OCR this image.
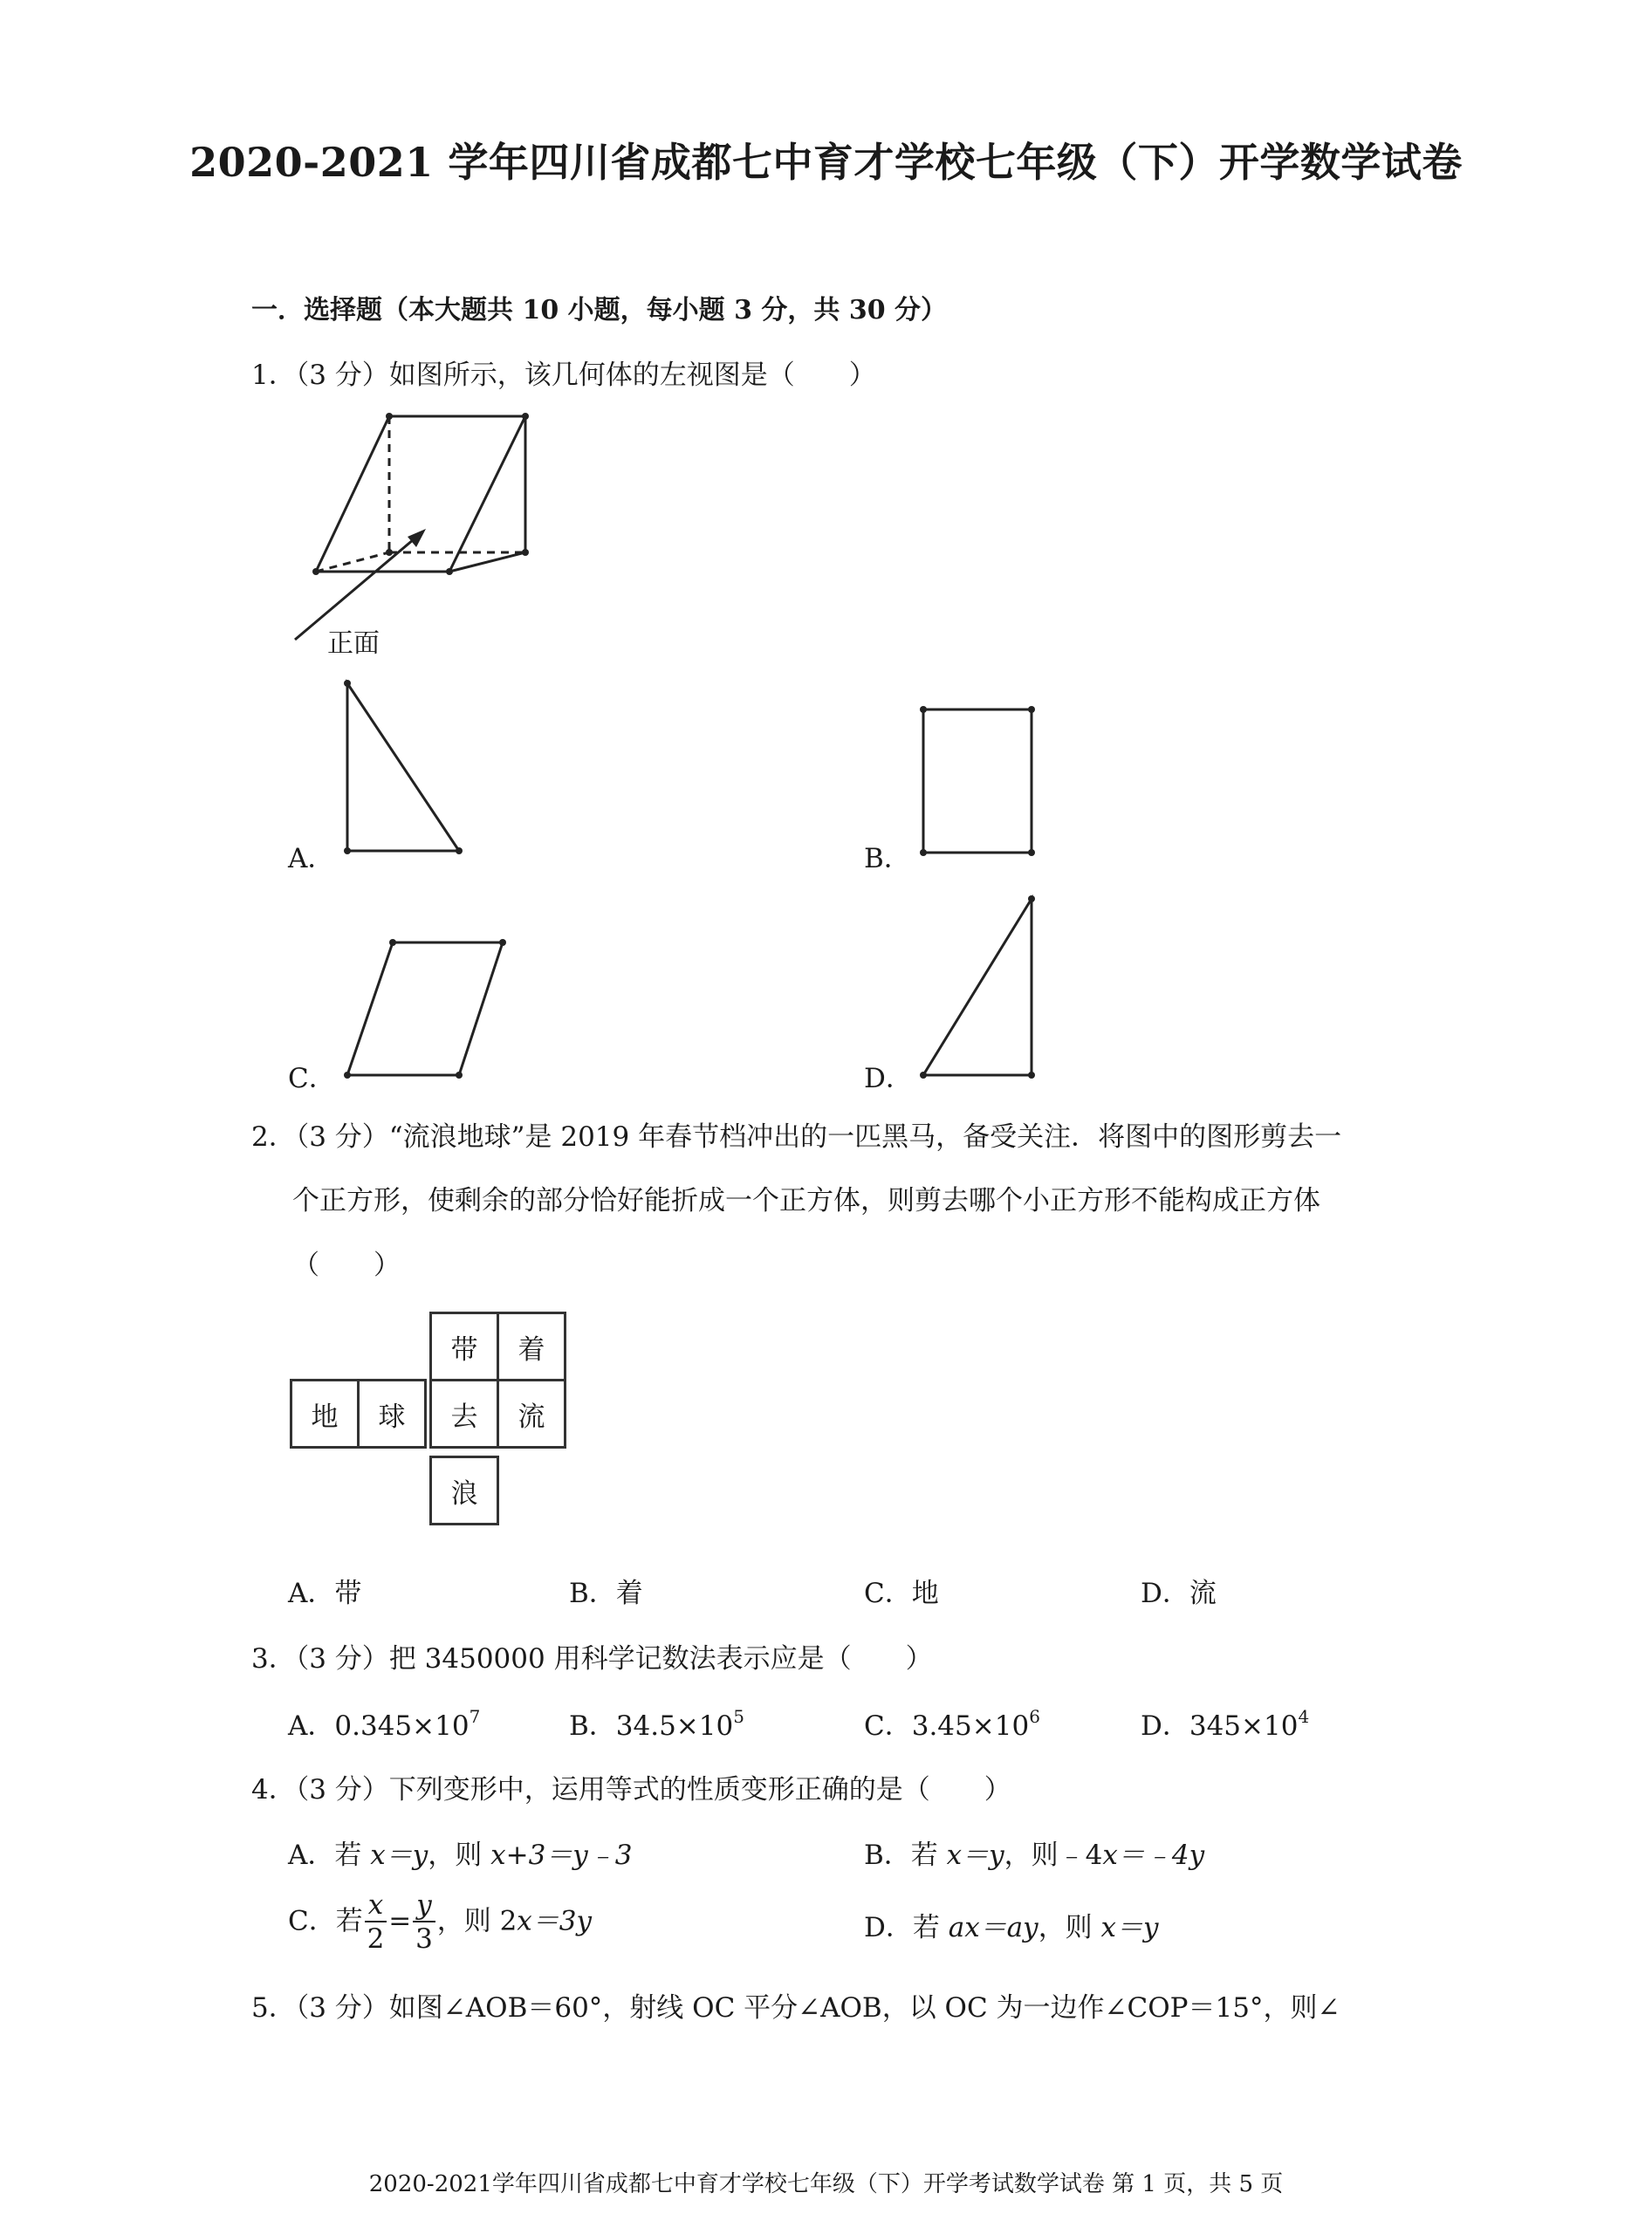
2020-2021 学年四川省成都七中育才学校七年级（下）开学数学试卷
一．选择题（本大题共 10 小题，每小题 3 分，共 30 分）
1．（3 分）如图所示，该几何体的左视图是（　　）
正面
A．	B．
C．	D．
2．（3 分）“流浪地球”是 2019 年春节档冲出的一匹黑马，备受关注．将图中的图形剪去一
个正方形，使剩余的部分恰好能折成一个正方体，则剪去哪个小正方形不能构成正方体
（　　）
带	着
地	球	去	流
浪
A．带	B．着	C．地	D．流
3．（3 分）把 3450000 用科学记数法表示应是（　　）
A．$0.345\times 10^7$	B．$34.5\times 10^5$	C．$3.45\times 10^6$	D．$345\times 10^4$
4．（3 分）下列变形中，运用等式的性质变形正确的是（　　）
A．若 x＝y，则 x+3＝y﹣3	B．若 x＝y，则﹣4x＝﹣4y
C．若 $\frac{x}{2} = \frac{y}{3}$ ，则 2x＝3y	D．若 ax＝ay，则 x＝y
5．（3 分）如图∠AOB＝60°，射线 OC 平分∠AOB，以 OC 为一边作∠COP＝15°，则∠
2020-2021学年四川省成都七中育才学校七年级（下）开学考试数学试卷 第 1 页，共 5 页
